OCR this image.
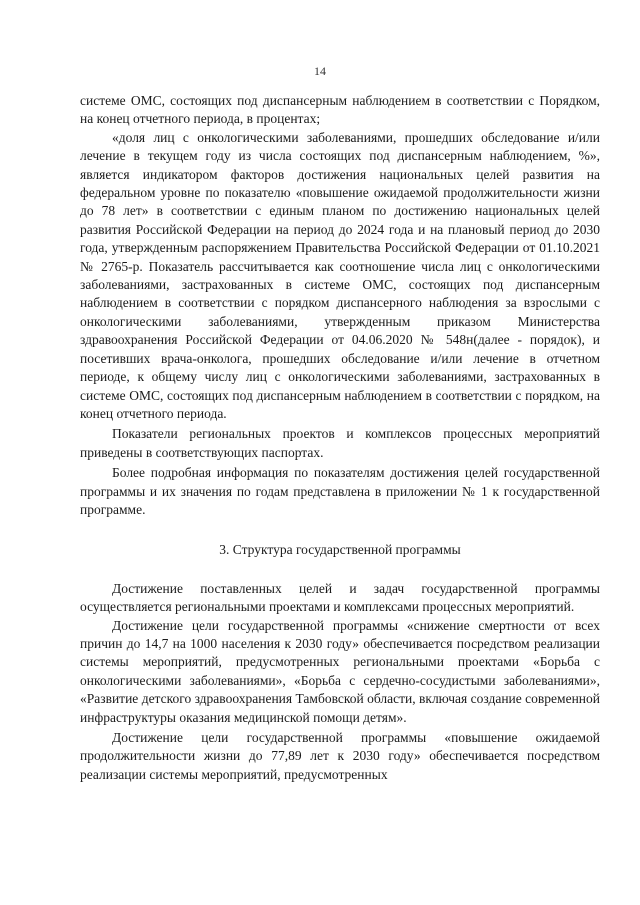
14

системе ОМС, состоящих под диспансерным наблюдением в соответствии с Порядком, на конец отчетного периода, в процентах;

«доля лиц с онкологическими заболеваниями, прошедших обследование и/или лечение в текущем году из числа состоящих под диспансерным наблюдением, %», является индикатором факторов достижения национальных целей развития на федеральном уровне по показателю «повышение ожидаемой продолжительности жизни до 78 лет» в соответствии с единым планом по достижению национальных целей развития Российской Федерации на период до 2024 года и на плановый период до 2030 года, утвержденным распоряжением Правительства Российской Федерации от 01.10.2021 № 2765-р. Показатель рассчитывается как соотношение числа лиц с онкологическими заболеваниями, застрахованных в системе ОМС, состоящих под диспансерным наблюдением в соответствии с порядком диспансерного наблюдения за взрослыми с онкологическими заболеваниями, утвержденным приказом Министерства здравоохранения Российской Федерации от 04.06.2020 № 548н(далее - порядок), и посетивших врача-онколога, прошедших обследование и/или лечение в отчетном периоде, к общему числу лиц с онкологическими заболеваниями, застрахованных в системе ОМС, состоящих под диспансерным наблюдением в соответствии с порядком, на конец отчетного периода.

Показатели региональных проектов и комплексов процессных мероприятий приведены в соответствующих паспортах.

Более подробная информация по показателям достижения целей государственной программы и их значения по годам представлена в приложении № 1 к государственной программе.

3. Структура государственной программы

Достижение поставленных целей и задач государственной программы осуществляется региональными проектами и комплексами процессных мероприятий.

Достижение цели государственной программы «снижение смертности от всех причин до 14,7 на 1000 населения к 2030 году» обеспечивается посредством реализации системы мероприятий, предусмотренных региональными проектами «Борьба с онкологическими заболеваниями», «Борьба с сердечно-сосудистыми заболеваниями», «Развитие детского здравоохранения Тамбовской области, включая создание современной инфраструктуры оказания медицинской помощи детям».

Достижение цели государственной программы «повышение ожидаемой продолжительности жизни до 77,89 лет к 2030 году» обеспечивается посредством реализации системы мероприятий, предусмотренных
